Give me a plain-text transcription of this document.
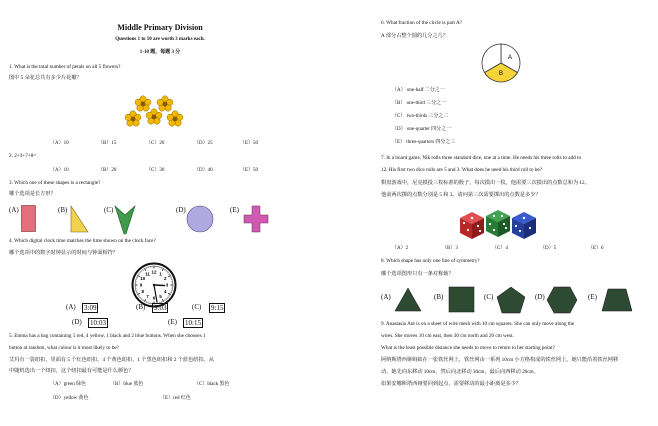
Middle Primary Division
Questions 1 to 10 are worth 3 marks each.
1-10 题，每题 3 分
1. What is the total number of petals on all 5 flowers?
图中 5 朵花总共有多少片花瓣？
（A）10	（B）15	（C）20	（D）25	（E）50
2. 2+3+7+8=
（A）10	（B）20	（C）30	（D）40	（E）50
3. Which one of these shapes is a rectangle?
哪个选项是长方形？
(A)	(B)	(C)	(D)	(E)
4. Which digital clock time matches the time shown on the clock face?
哪个选项中的数字时钟显示的时间与钟面相符？
12 1
2
3
4
5
6
7
8
9
10
11
(A) 3:09	(B) 9:03	(C) 9:15
(D) 10:03	(E) 10:15
5. Emma has a bag containing 5 red, 4 yellow, 1 black and 2 blue buttons. When she chooses 1
button at random, what colour is it most likely to be?
艾玛有一袋纽扣，里面有 5 个红色纽扣，4 个黄色纽扣，1 个黑色纽扣和 2 个蓝色纽扣。从
中随机选出一个纽扣，这个纽扣最有可能是什么颜色？
（A）green 绿色	（B）blue 蓝色	（C）black 黑色
（D）yellow 黄色	（E）red 红色
6. What fraction of the circle is part A?
A 部分占整个圆的几分之几？
A
B
（A） one-half 二分之一
（B） one-third 三分之一
（C） two-thirds 三分之二
（D） one-quarter 四分之一
（E） three-quarters 四分之三
7. In a board game, Nik rolls three standard dice, one at a time. He needs his three rolls to add to
12. His first two dice rolls are 5 and 3. What does he need his third roll to be?
棋盘游戏中，尼克摸投三枚标准的骰子，每次摸出一枚。他需要三次摸出的点数总和为 12。
他前两次掷的点数分别是 5 和 3。请问第三次需要掷出的点数是多少？
（A）2	（B）3	（C）4	（D）5	（E）6
8. Which shape has only one line of symmetry?
哪个选项图形只有一条对称轴？
(A)	(B)	(C)	(D)	(E)
9. Anastasia Ant is on a sheet of wire mesh with 10 cm squares. She can only move along the
wires. She moves 10 cm east, then 30 cm north and 20 cm west.
What is the least possible distance she needs to move to return to her starting point?
阿纳斯塔西娅蚂蚁在一张铁丝网上，铁丝网由一系列 10cm 小方格构成的铁丝网上，她只能沿着铁丝网移
动。她先向东移动 10cm，然后向北移动 30cm，最后向西移动 20cm。
如果安娜斯塔西娅要回到起点，需要移动的最小距离是多少？
